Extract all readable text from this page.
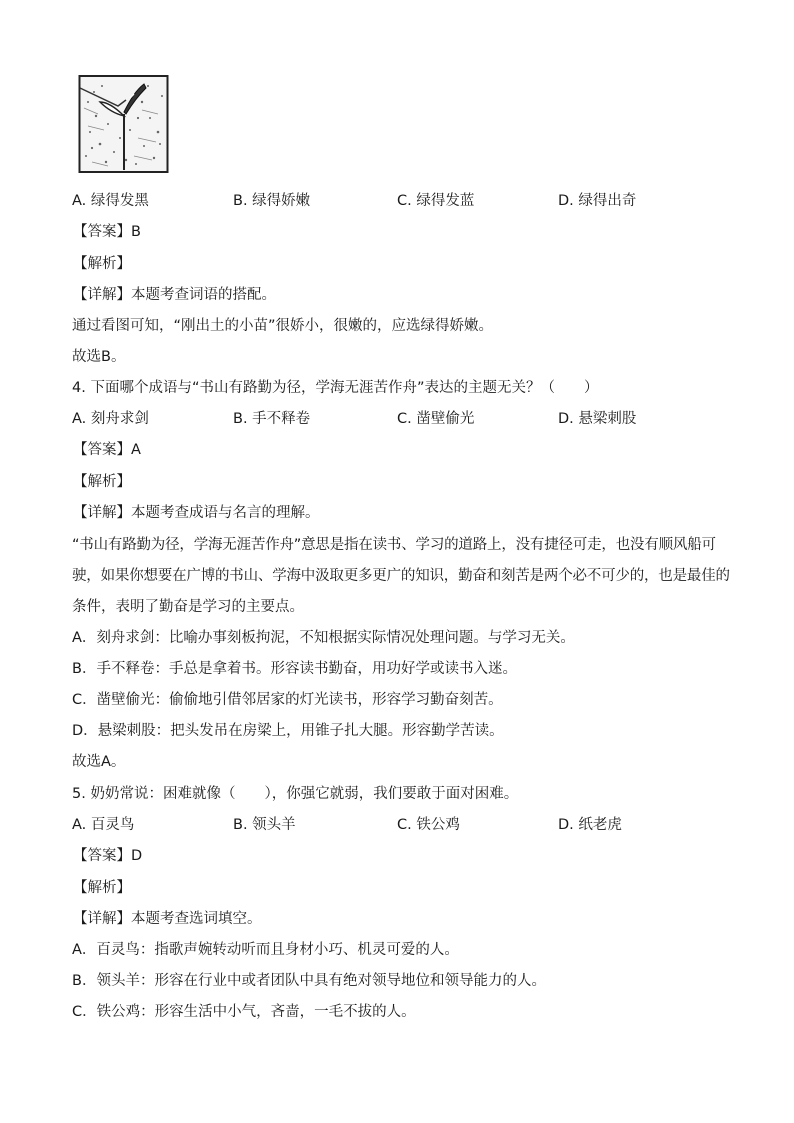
A. 绿得发黑	B. 绿得娇嫩	C. 绿得发蓝	D. 绿得出奇
【答案】B
【解析】
【详解】本题考查词语的搭配。
通过看图可知，“刚出土的小苗”很娇小，很嫩的，应选绿得娇嫩。
故选B。
4. 下面哪个成语与“书山有路勤为径，学海无涯苦作舟”表达的主题无关？（　　）
A. 刻舟求剑	B. 手不释卷	C. 凿壁偷光	D. 悬梁刺股
【答案】A
【解析】
【详解】本题考查成语与名言的理解。
“书山有路勤为径，学海无涯苦作舟”意思是指在读书、学习的道路上，没有捷径可走，也没有顺风船可
驶，如果你想要在广博的书山、学海中汲取更多更广的知识，勤奋和刻苦是两个必不可少的，也是最佳的
条件，表明了勤奋是学习的主要点。
A．刻舟求剑：比喻办事刻板拘泥，不知根据实际情况处理问题。与学习无关。
B．手不释卷：手总是拿着书。形容读书勤奋，用功好学或读书入迷。
C．凿壁偷光：偷偷地引借邻居家的灯光读书，形容学习勤奋刻苦。
D．悬梁刺股：把头发吊在房梁上，用锥子扎大腿。形容勤学苦读。
故选A。
5. 奶奶常说：困难就像（　　），你强它就弱，我们要敢于面对困难。
A. 百灵鸟	B. 领头羊	C. 铁公鸡	D. 纸老虎
【答案】D
【解析】
【详解】本题考查选词填空。
A．百灵鸟：指歌声婉转动听而且身材小巧、机灵可爱的人。
B．领头羊：形容在行业中或者团队中具有绝对领导地位和领导能力的人。
C．铁公鸡：形容生活中小气，吝啬，一毛不拔的人。
